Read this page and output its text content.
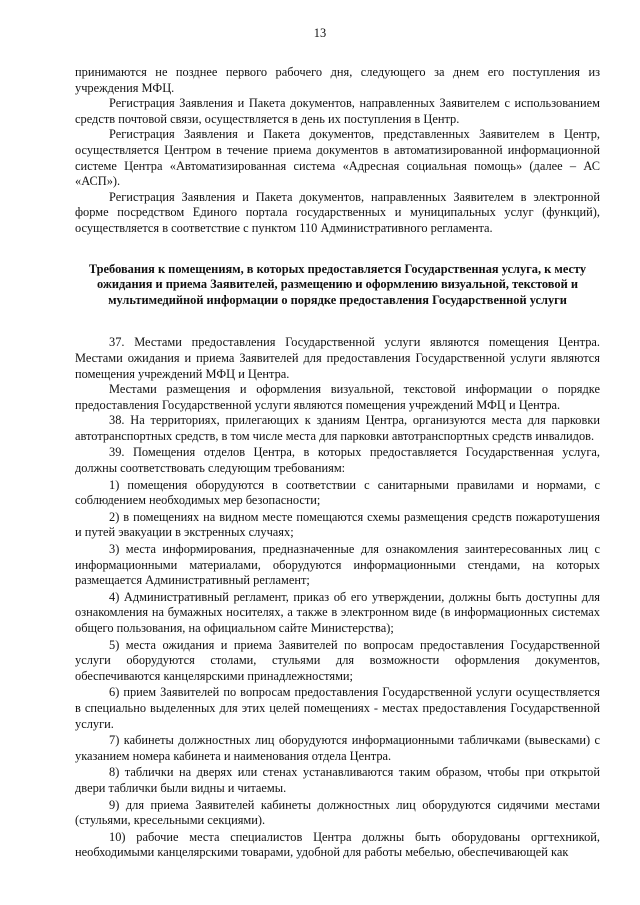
13

принимаются не позднее первого рабочего дня, следующего за днем его поступления из учреждения МФЦ.

Регистрация Заявления и Пакета документов, направленных Заявителем с использованием средств почтовой связи, осуществляется в день их поступления в Центр.

Регистрация Заявления и Пакета документов, представленных Заявителем в Центр, осуществляется Центром в течение приема документов в автоматизированной информационной системе Центра «Автоматизированная система «Адресная социальная помощь» (далее – АС «АСП»).

Регистрация Заявления и Пакета документов, направленных Заявителем в электронной форме посредством Единого портала государственных и муниципальных услуг (функций), осуществляется в соответствие с пунктом 110 Административного регламента.

Требования к помещениям, в которых предоставляется Государственная услуга, к месту ожидания и приема Заявителей, размещению и оформлению визуальной, текстовой и мультимедийной информации о порядке предоставления Государственной услуги

37. Местами предоставления Государственной услуги являются помещения Центра. Местами ожидания и приема Заявителей для предоставления Государственной услуги являются помещения учреждений МФЦ и Центра.

Местами размещения и оформления визуальной, текстовой информации о порядке предоставления Государственной услуги являются помещения учреждений МФЦ и Центра.

38. На территориях, прилегающих к зданиям Центра, организуются места для парковки автотранспортных средств, в том числе места для парковки автотранспортных средств инвалидов.

39. Помещения отделов Центра, в которых предоставляется Государственная услуга, должны соответствовать следующим требованиям:

1) помещения оборудуются в соответствии с санитарными правилами и нормами, с соблюдением необходимых мер безопасности;

2) в помещениях на видном месте помещаются схемы размещения средств пожаротушения и путей эвакуации в экстренных случаях;

3) места информирования, предназначенные для ознакомления заинтересованных лиц с информационными материалами, оборудуются информационными стендами, на которых размещается Административный регламент;

4) Административный регламент, приказ об его утверждении, должны быть доступны для ознакомления на бумажных носителях, а также в электронном виде (в информационных системах общего пользования, на официальном сайте Министерства);

5) места ожидания и приема Заявителей по вопросам предоставления Государственной услуги оборудуются столами, стульями для возможности оформления документов, обеспечиваются канцелярскими принадлежностями;

6) прием Заявителей по вопросам предоставления Государственной услуги осуществляется в специально выделенных для этих целей помещениях - местах предоставления Государственной услуги.

7) кабинеты должностных лиц оборудуются информационными табличками (вывесками) с указанием номера кабинета и наименования отдела Центра.

8) таблички на дверях или стенах устанавливаются таким образом, чтобы при открытой двери таблички были видны и читаемы.

9) для приема Заявителей кабинеты должностных лиц оборудуются сидячими местами (стульями, кресельными секциями).

10) рабочие места специалистов Центра должны быть оборудованы оргтехникой, необходимыми канцелярскими товарами, удобной для работы мебелью, обеспечивающей как
